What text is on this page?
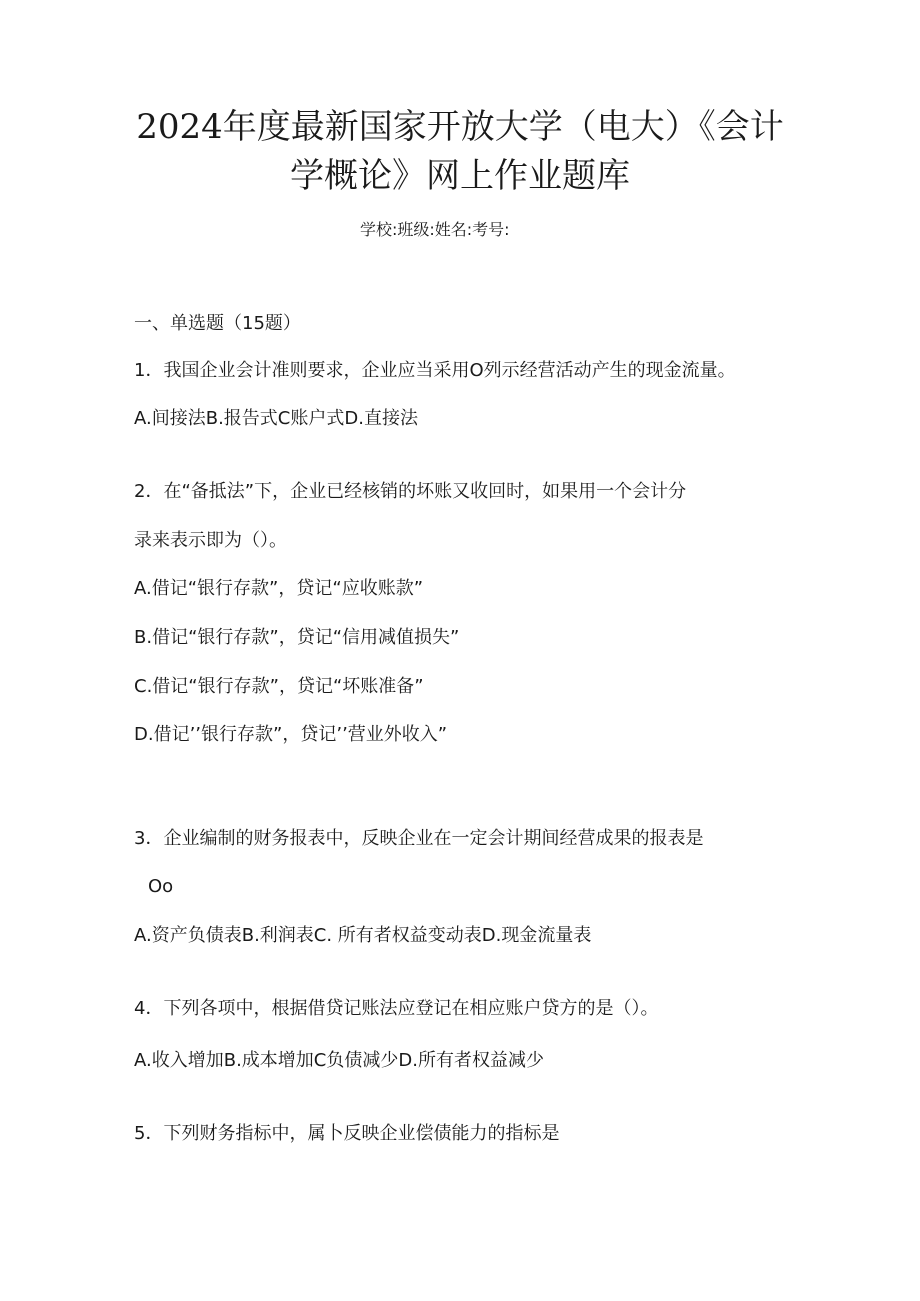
2024年度最新国家开放大学（电大）《会计
学概论》网上作业题库
学校:班级:姓名:考号:
一、单选题（15题）
1．我国企业会计准则要求，企业应当采用O列示经营活动产生的现金流量。
A.间接法B.报告式C账户式D.直接法
2．在“备抵法”下，企业已经核销的坏账又收回时，如果用一个会计分
录来表示即为（）。
A.借记“银行存款”，贷记“应收账款”
B.借记“银行存款”，贷记“信用减值损失”
C.借记“银行存款”，贷记“坏账准备”
D.借记’’银行存款”，贷记’’营业外收入”
3．企业编制的财务报表中，反映企业在一定会计期间经营成果的报表是
Oo
A.资产负债表B.利润表C. 所有者权益变动表D.现金流量表
4．下列各项中，根据借贷记账法应登记在相应账户贷方的是（）。
A.收入增加B.成本增加C负债减少D.所有者权益减少
5．下列财务指标中，属卜反映企业偿债能力的指标是
